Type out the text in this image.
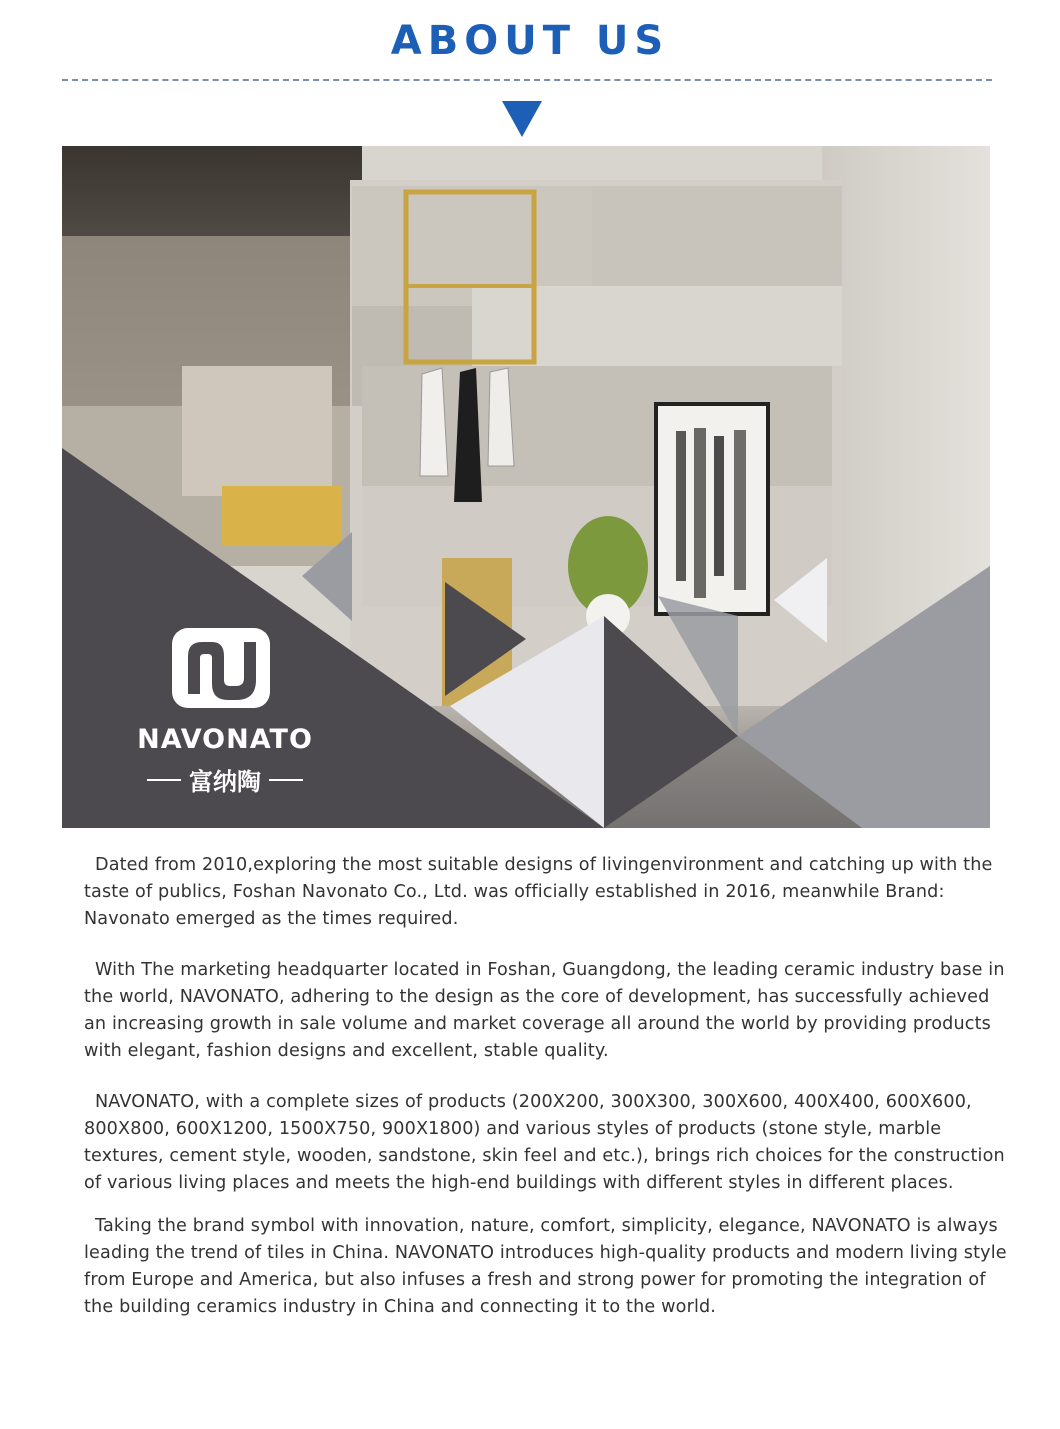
ABOUT US

NAVONATO

富纳陶

Dated from 2010,exploring the most suitable designs of livingenvironment and catching up with the taste of publics, Foshan Navonato Co., Ltd. was officially established in 2016, meanwhile Brand: Navonato emerged as the times required.

With The marketing headquarter located in Foshan, Guangdong, the leading ceramic industry base in the world, NAVONATO, adhering to the design as the core of development, has successfully achieved an increasing growth in sale volume and market coverage all around the world by providing products with elegant, fashion designs and excellent, stable quality.

NAVONATO, with a complete sizes of products (200X200, 300X300, 300X600, 400X400, 600X600, 800X800, 600X1200, 1500X750, 900X1800) and various styles of products (stone style, marble textures, cement style, wooden, sandstone, skin feel and etc.), brings rich choices for the construction of various living places and meets the high-end buildings with different styles in different places.

Taking the brand symbol with innovation, nature, comfort, simplicity, elegance, NAVONATO is always leading the trend of tiles in China. NAVONATO introduces high-quality products and modern living style from Europe and America, but also infuses a fresh and strong power for promoting the integration of the building ceramics industry in China and connecting it to the world.
